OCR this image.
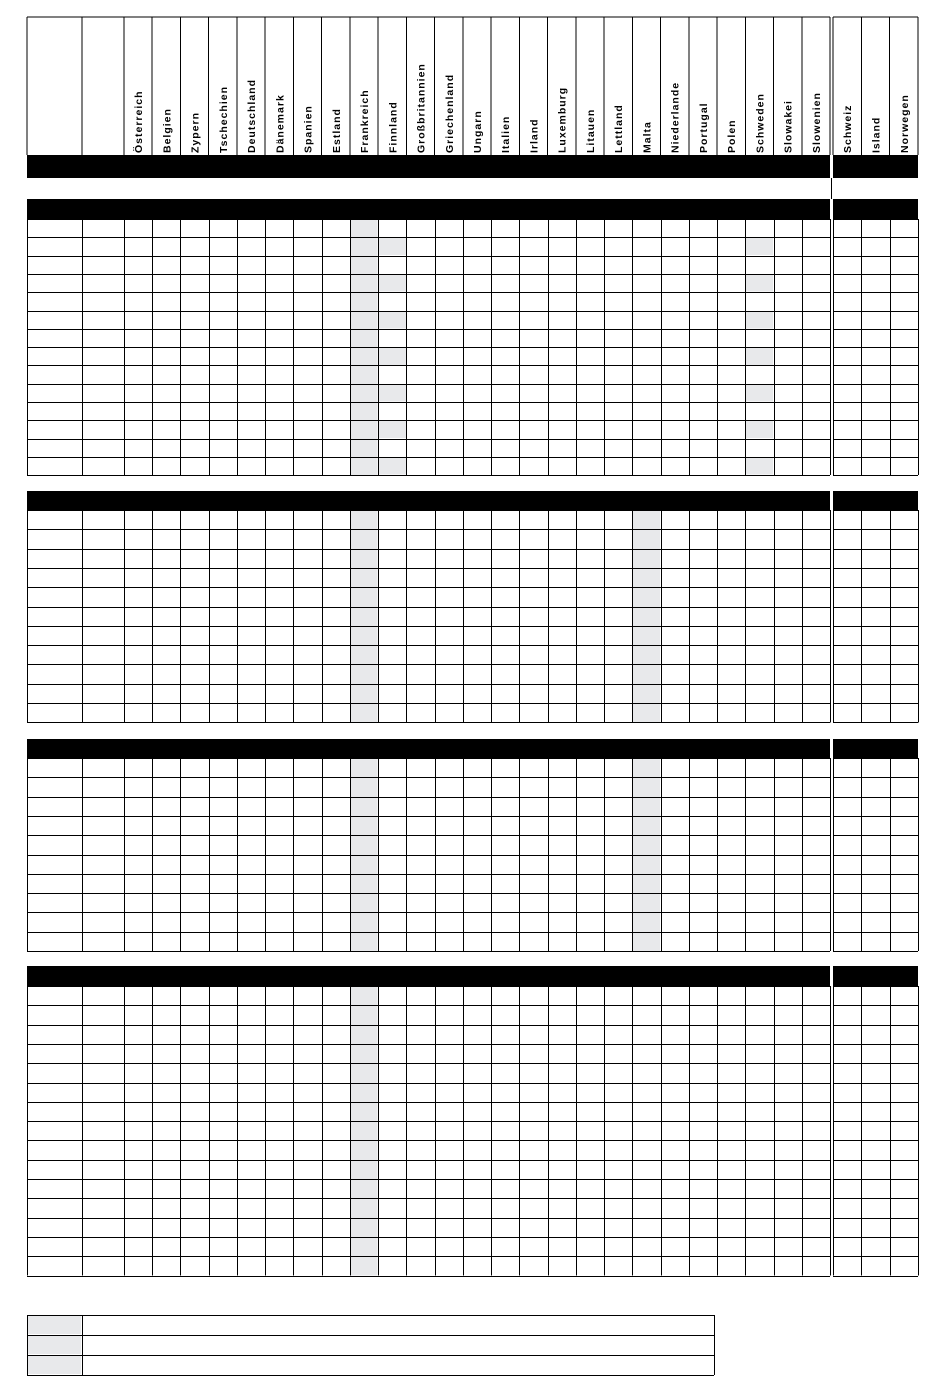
Österreich Belgien Zypern Tschechien Deutschland Dänemark Spanien Estland Frankreich Finnland Großbritannien Griechenland Ungarn Italien Irland Luxemburg Litauen Lettland Malta Niederlande Portugal Polen Schweden Slowakei Slowenien Schweiz Island Norwegen
